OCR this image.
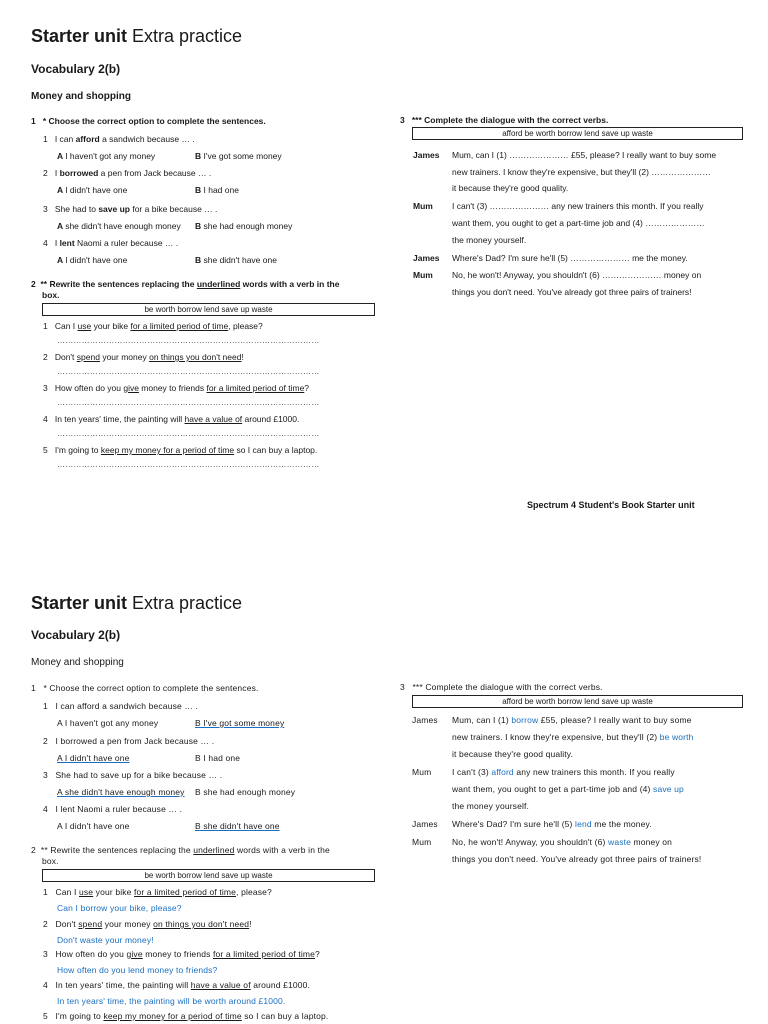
Starter unit Extra practice
Vocabulary 2(b)
Money and shopping
1 * Choose the correct option to complete the sentences.
1 I can afford a sandwich because … .
A I haven't got any money	B I've got some money
2 I borrowed a pen from Jack because … .
A I didn't have one	B I had one
3 She had to save up for a bike because … .
A she didn't have enough money B she had enough money
4 I lent Naomi a ruler because … .
A I didn't have one	B she didn't have one
2 ** Rewrite the sentences replacing the underlined words with a verb in the
box.
be worth borrow lend save up waste
1 Can I use your bike for a limited period of time, please?
……………………………………………………………………………………
2 Don't spend your money on things you don't need!
……………………………………………………………………………………
3 How often do you give money to friends for a limited period of time?
……………………………………………………………………………………
4 In ten years' time, the painting will have a value of around £1000.
……………………………………………………………………………………
5 I'm going to keep my money for a period of time so I can buy a laptop.
……………………………………………………………………………………
3 *** Complete the dialogue with the correct verbs.
afford be worth borrow lend save up waste
James Mum, can I (1) ………………… £55, please? I really want to buy some
new trainers. I know they're expensive, but they'll (2) …………………
it because they're good quality.
Mum I can't (3) ………………… any new trainers this month. If you really
want them, you ought to get a part-time job and (4) …………………
the money yourself.
James Where's Dad? I'm sure he'll (5) ………………… me the money.
Mum No, he won't! Anyway, you shouldn't (6) ………………… money on
things you don't need. You've already got three pairs of trainers!
Spectrum 4 Student's Book Starter unit
Starter unit Extra practice
Vocabulary 2(b)
Money and shopping
1 * Choose the correct option to complete the sentences.
1 I can afford a sandwich because … .
A I haven't got any money	B I've got some money
2 I borrowed a pen from Jack because … .
A I didn't have one	B I had one
3 She had to save up for a bike because … .
A she didn't have enough money B she had enough money
4 I lent Naomi a ruler because … .
A I didn't have one	B she didn't have one
2 ** Rewrite the sentences replacing the underlined words with a verb in the
box.
be worth borrow lend save up waste
1 Can I use your bike for a limited period of time, please?
Can I borrow your bike, please?
2 Don't spend your money on things you don't need!
Don't waste your money!
3 How often do you give money to friends for a limited period of time?
How often do you lend money to friends?
4 In ten years' time, the painting will have a value of around £1000.
In ten years' time, the painting will be worth around £1000.
5 I'm going to keep my money for a period of time so I can buy a laptop.
3 *** Complete the dialogue with the correct verbs.
afford be worth borrow lend save up waste
James Mum, can I (1) borrow £55, please? I really want to buy some
new trainers. I know they're expensive, but they'll (2) be worth
it because they're good quality.
Mum I can't (3) afford any new trainers this month. If you really
want them, you ought to get a part-time job and (4) save up
the money yourself.
James Where's Dad? I'm sure he'll (5) lend me the money.
Mum No, he won't! Anyway, you shouldn't (6) waste money on
things you don't need. You've already got three pairs of trainers!
